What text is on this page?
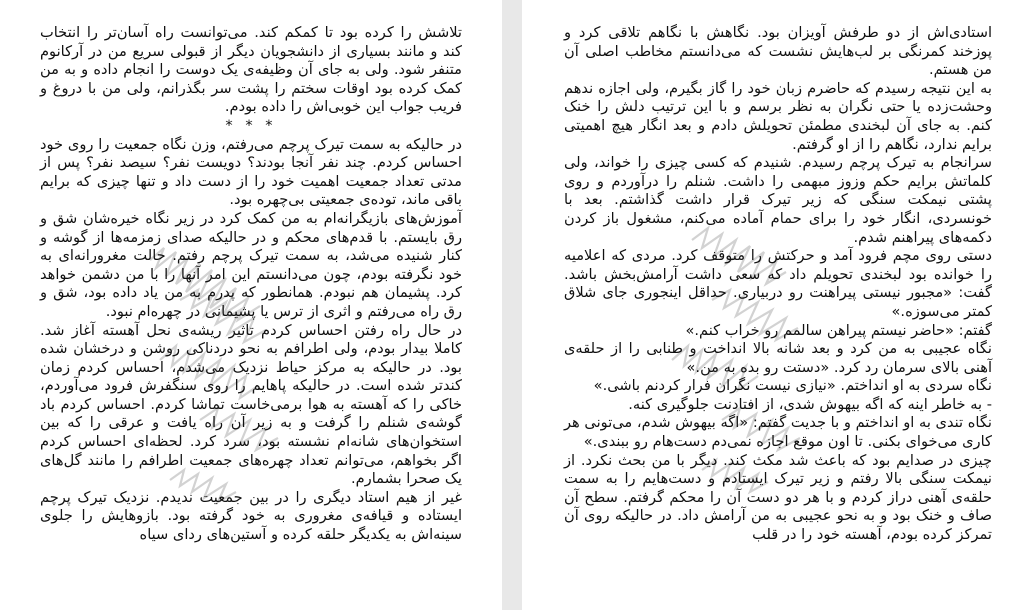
تلاشش را کرده بود تا کمکم کند. می‌توانست راه آسان‌تر را انتخاب کند و مانند بسیاری از دانشجویان دیگر از قبولی سریع من در آرکانوم متنفر شود. ولی به جای آن وظیفه‌ی یک دوست را انجام داده و به من کمک کرده بود اوقات سختم را پشت سر بگذرانم، ولی من با دروغ و فریب جواب این خوبی‌اش را داده بودم.

* * *

در حالیکه به سمت تیرک پرچم می‌رفتم، وزن نگاه جمعیت را روی خود احساس کردم. چند نفر آنجا بودند؟ دویست نفر؟ سیصد نفر؟ پس از مدتی تعداد جمعیت اهمیت خود را از دست داد و تنها چیزی که برایم باقی ماند، توده‌ی جمعیتی بی‌چهره بود.

آموزش‌های بازیگرانه‌ام به من کمک کرد در زیر نگاه خیره‌شان شق و رق بایستم. با قدم‌های محکم و در حالیکه صدای زمزمه‌ها از گوشه و کنار شنیده می‌شد، به سمت تیرک پرچم رفتم. حالت مغرورانه‌ای به خود نگرفته بودم، چون می‌دانستم این امر آنها را با من دشمن خواهد کرد. پشیمان هم نبودم. همانطور که پدرم به من یاد داده بود، شق و رق راه می‌رفتم و اثری از ترس یا پشیمانی در چهره‌ام نبود.

در حال راه رفتن احساس کردم تاثیر ریشه‌ی نحل آهسته آغاز شد. کاملا بیدار بودم، ولی اطرافم به نحو دردناکی روشن و درخشان شده بود. در حالیکه به مرکز حیاط نزدیک می‌شدم، احساس کردم زمان کندتر شده است. در حالیکه پاهایم را روی سنگفرش فرود می‌آوردم، خاکی را که آهسته به هوا برمی‌خاست تماشا کردم. احساس کردم باد گوشه‌ی شنلم را گرفت و به زیر آن راه یافت و عرقی را که بین استخوان‌های شانه‌ام نشسته بود، سرد کرد. لحظه‌ای احساس کردم اگر بخواهم، می‌توانم تعداد چهره‌های جمعیت اطرافم را مانند گل‌های یک صحرا بشمارم.

غیر از هیم استاد دیگری را در بین جمعیت ندیدم. نزدیک تیرک پرچم ایستاده و قیافه‌ی مغروری به خود گرفته بود. بازوهایش را جلوی سینه‌اش به یکدیگر حلقه کرده و آستین‌های ردای سیاه

استادی‌اش از دو طرفش آویزان بود. نگاهش با نگاهم تلاقی کرد و پوزخند کمرنگی بر لب‌هایش نشست که می‌دانستم مخاطب اصلی آن من هستم.

به این نتیجه رسیدم که حاضرم زبان خود را گاز بگیرم، ولی اجازه ندهم وحشت‌زده یا حتی نگران به نظر برسم و با این ترتیب دلش را خنک کنم. به جای آن لبخندی مطمئن تحویلش دادم و بعد انگار هیچ اهمیتی برایم ندارد، نگاهم را از او گرفتم.

سرانجام به تیرک پرچم رسیدم. شنیدم که کسی چیزی را خواند، ولی کلماتش برایم حکم وزوز مبهمی را داشت. شنلم را درآوردم و روی پشتی نیمکت سنگی که زیر تیرک قرار داشت گذاشتم. بعد با خونسردی، انگار خود را برای حمام آماده می‌کنم، مشغول باز کردن دکمه‌های پیراهنم شدم.

دستی روی مچم فرود آمد و حرکتش را متوقف کرد. مردی که اعلامیه را خوانده بود لبخندی تحویلم داد که سعی داشت آرامش‌بخش باشد. گفت: «مجبور نیستی پیراهنت رو دربیاری. حداقل اینجوری جای شلاق کمتر می‌سوزه.»

گفتم: «حاضر نیستم پیراهن سالمم رو خراب کنم.»

نگاه عجیبی به من کرد و بعد شانه بالا انداخت و طنابی را از حلقه‌ی آهنی بالای سرمان رد کرد. «دستت رو بده به من.»

نگاه سردی به او انداختم. «نیازی نیست نگران فرار کردنم باشی.»

- به خاطر اینه که اگه بیهوش شدی، از افتادنت جلوگیری کنه.

نگاه تندی به او انداختم و با جدیت گفتم: «اگه بیهوش شدم، می‌تونی هر کاری می‌خوای بکنی. تا اون موقع اجازه نمی‌دم دست‌هام رو ببندی.»

چیزی در صدایم بود که باعث شد مکث کند. دیگر با من بحث نکرد. از نیمکت سنگی بالا رفتم و زیر تیرک ایستادم و دست‌هایم را به سمت حلقه‌ی آهنی دراز کردم و با هر دو دست آن را محکم گرفتم. سطح آن صاف و خنک بود و به نحو عجیبی به من آرامش داد. در حالیکه روی آن تمرکز کرده بودم، آهسته خود را در قلب
